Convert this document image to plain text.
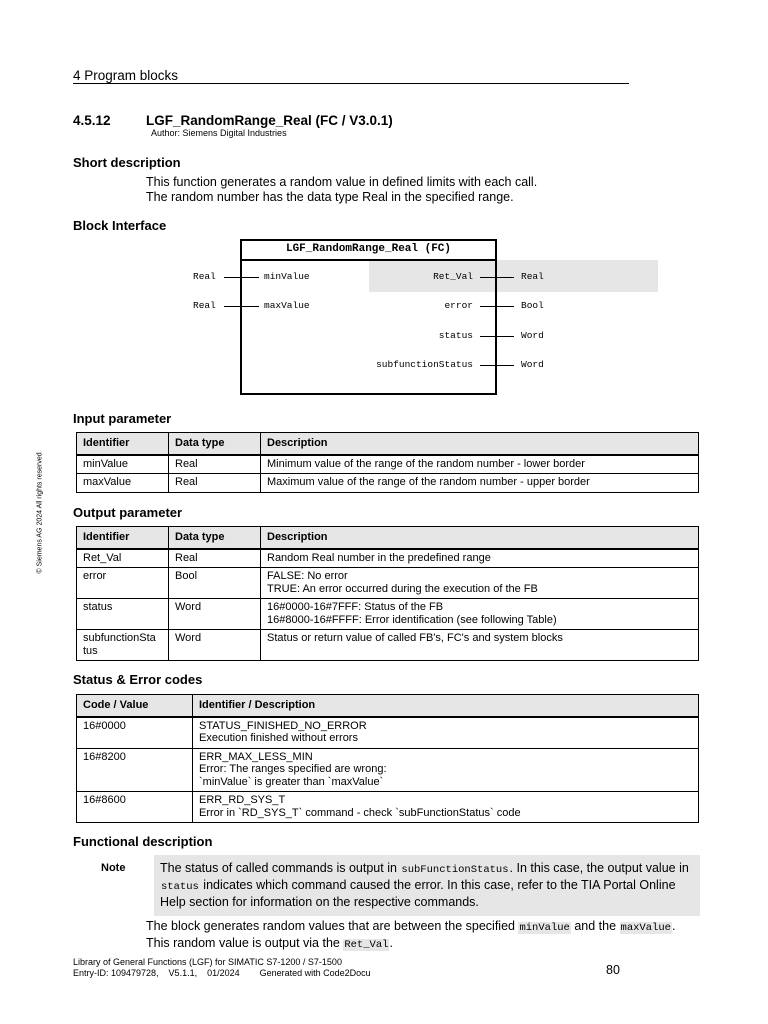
4 Program blocks
© Siemens AG 2024 All rights reserved
4.5.12	LGF_RandomRange_Real (FC / V3.0.1)
Author: Siemens Digital Industries
Short description
This function generates a random value in defined limits with each call.
The random number has the data type Real in the specified range.
Block Interface
LGF_RandomRange_Real (FC)
Real	minValue
Real	maxValue
Ret_Val	Real
error	Bool
status	Word
subfunctionStatus	Word
Input parameter
Identifier	Data type	Description
minValue	Real	Minimum value of the range of the random number - lower border
maxValue	Real	Maximum value of the range of the random number - upper border
Output parameter
Identifier	Data type	Description
Ret_Val	Real	Random Real number in the predefined range
error	Bool	FALSE: No error
TRUE: An error occurred during the execution of the FB

status	Word	16#0000-16#7FFF: Status of the FB
16#8000-16#FFFF: Error identification (see following Table)

subfunctionSta
tus	Word	Status or return value of called FB's, FC's and system blocks
Status & Error codes
Code / Value	Identifier / Description
16#0000	STATUS_FINISHED_NO_ERROR
Execution finished without errors

16#8200	ERR_MAX_LESS_MIN
Error: The ranges specified are wrong:
`minValue` is greater than `maxValue`

16#8600	ERR_RD_SYS_T
Error in `RD_SYS_T` command - check `subFunctionStatus` code
Functional description
Note	The status of called commands is output in subFunctionStatus. In this case, the output value in status indicates which command caused the error. In this case, refer to the TIA Portal Online Help section for information on the respective commands.
The block generates random values that are between the specified minValue and the maxValue.
This random value is output via the Ret_Val.
Library of General Functions (LGF) for SIMATIC S7-1200 / S7-1500
Entry-ID: 109479728,    V5.1.1,    01/2024        Generated with Code2Docu	80
